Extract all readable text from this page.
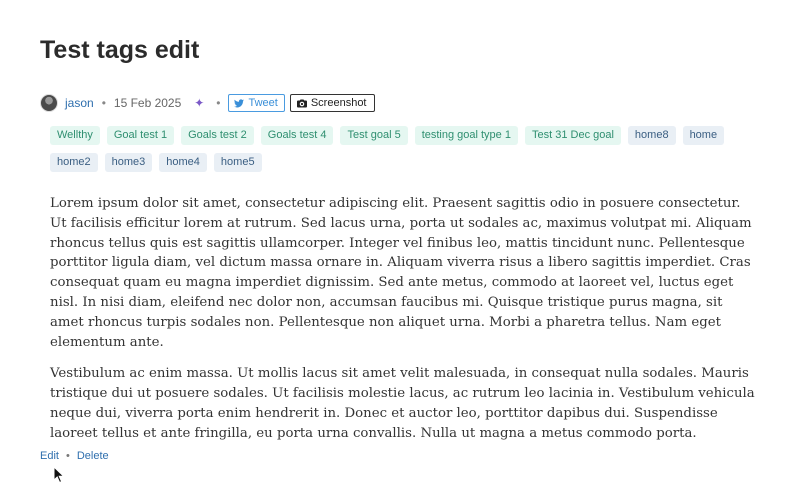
Test tags edit
jason • 15 Feb 2025	✦ •	Tweet	Screenshot
Wellthy	Goal test 1	Goals test 2	Goals test 4	Test goal 5	testing goal type 1	Test 31 Dec goal	home8	home
home2	home3	home4	home5

Lorem ipsum dolor sit amet, consectetur adipiscing elit. Praesent sagittis odio in posuere consectetur. Ut facilisis efficitur lorem at rutrum. Sed lacus urna, porta ut sodales ac, maximus volutpat mi. Aliquam rhoncus tellus quis est sagittis ullamcorper. Integer vel finibus leo, mattis tincidunt nunc. Pellentesque porttitor ligula diam, vel dictum massa ornare in. Aliquam viverra risus a libero sagittis imperdiet. Cras consequat quam eu magna imperdiet dignissim. Sed ante metus, commodo at laoreet vel, luctus eget nisl. In nisi diam, eleifend nec dolor non, accumsan faucibus mi. Quisque tristique purus magna, sit amet rhoncus turpis sodales non. Pellentesque non aliquet urna. Morbi a pharetra tellus. Nam eget elementum ante.

Vestibulum ac enim massa. Ut mollis lacus sit amet velit malesuada, in consequat nulla sodales. Mauris tristique dui ut posuere sodales. Ut facilisis molestie lacus, ac rutrum leo lacinia in. Vestibulum vehicula neque dui, viverra porta enim hendrerit in. Donec et auctor leo, porttitor dapibus dui. Suspendisse laoreet tellus et ante fringilla, eu porta urna convallis. Nulla ut magna a metus commodo porta.

Edit • Delete
